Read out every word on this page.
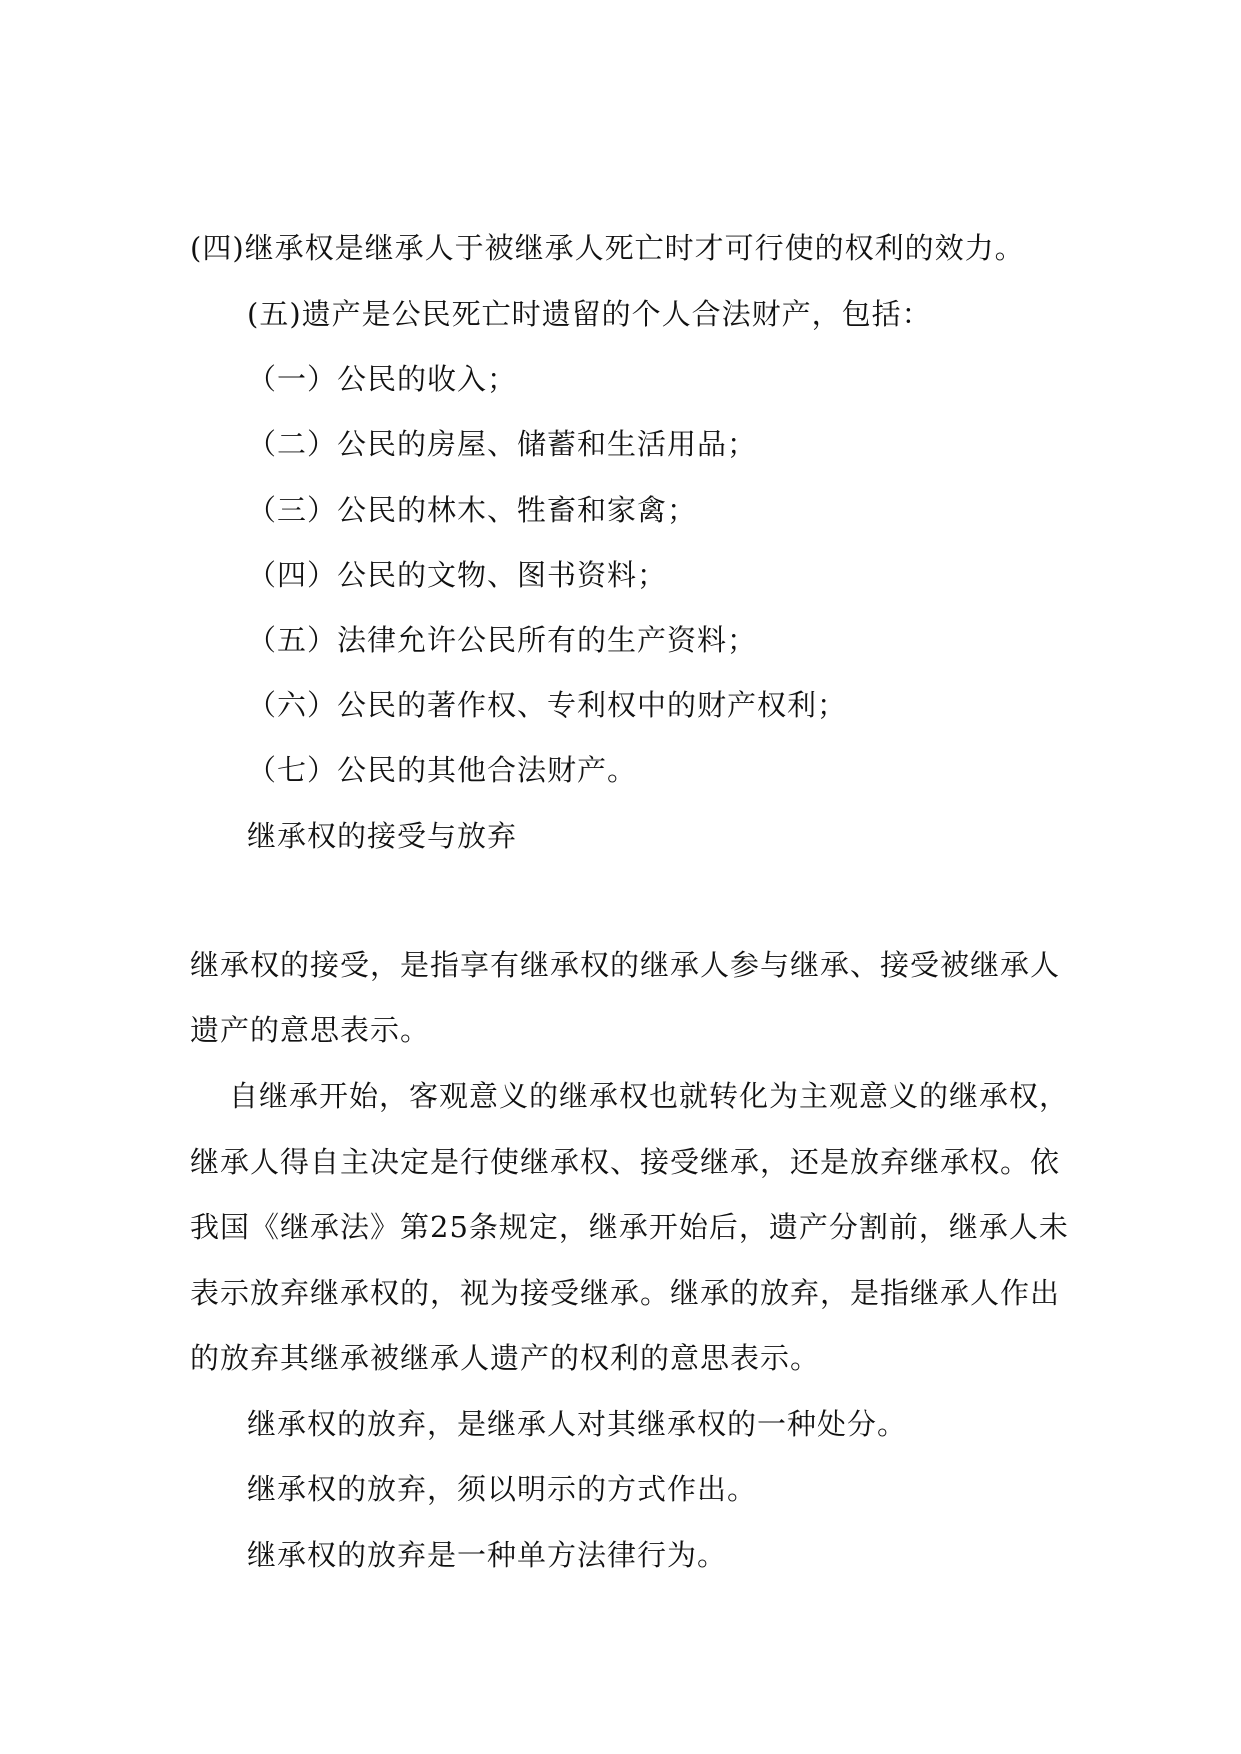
(四)继承权是继承人于被继承人死亡时才可行使的权利的效力。
(五)遗产是公民死亡时遗留的个人合法财产，包括：
（一）公民的收入；
（二）公民的房屋、储蓄和生活用品；
（三）公民的林木、牲畜和家禽；
（四）公民的文物、图书资料；
（五）法律允许公民所有的生产资料；
（六）公民的著作权、专利权中的财产权利；
（七）公民的其他合法财产。
继承权的接受与放弃
继承权的接受，是指享有继承权的继承人参与继承、接受被继承人
遗产的意思表示。
自继承开始，客观意义的继承权也就转化为主观意义的继承权，
继承人得自主决定是行使继承权、接受继承，还是放弃继承权。依
我国《继承法》第25条规定，继承开始后，遗产分割前，继承人未
表示放弃继承权的，视为接受继承。继承的放弃，是指继承人作出
的放弃其继承被继承人遗产的权利的意思表示。
继承权的放弃，是继承人对其继承权的一种处分。
继承权的放弃，须以明示的方式作出。
继承权的放弃是一种单方法律行为。
